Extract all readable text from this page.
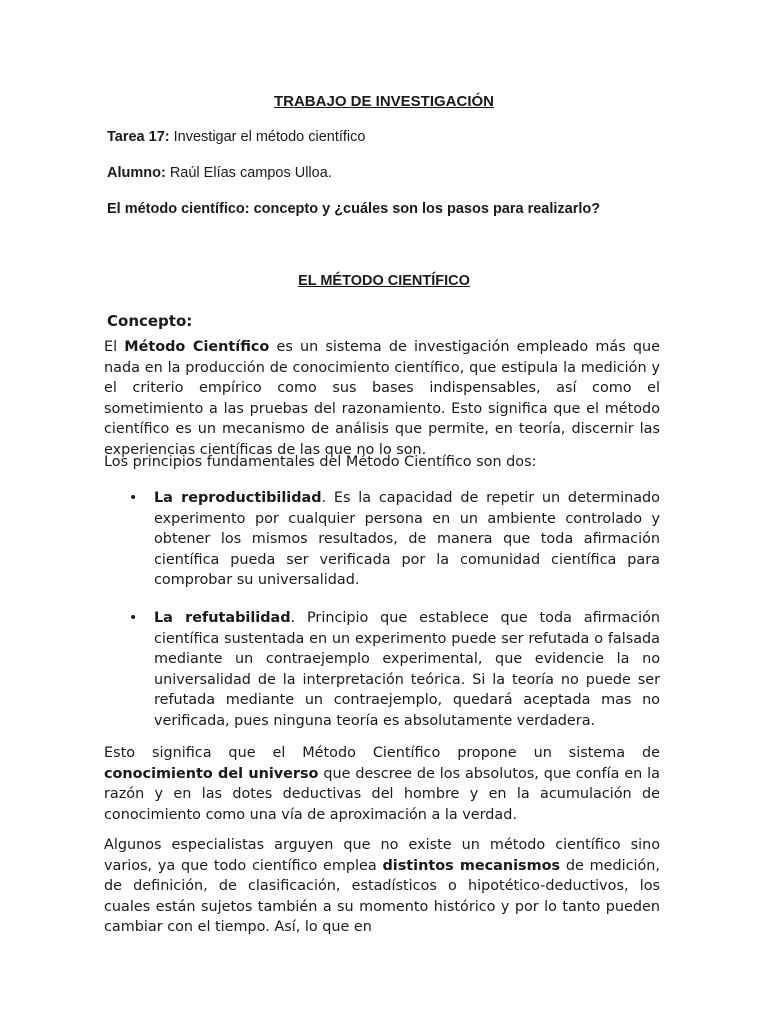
TRABAJO DE INVESTIGACIÓN
Tarea 17: Investigar el método científico
Alumno: Raúl Elías campos Ulloa.
El método científico: concepto y ¿cuáles son los pasos para realizarlo?
EL MÉTODO CIENTÍFICO
Concepto:

El Método Científico es un sistema de investigación empleado más que nada en la producción de conocimiento científico, que estipula la medición y el criterio empírico como sus bases indispensables, así como el sometimiento a las pruebas del razonamiento. Esto significa que el método científico es un mecanismo de análisis que permite, en teoría, discernir las experiencias científicas de las que no lo son.

Los principios fundamentales del Método Científico son dos:

• La reproductibilidad. Es la capacidad de repetir un determinado experimento por cualquier persona en un ambiente controlado y obtener los mismos resultados, de manera que toda afirmación científica pueda ser verificada por la comunidad científica para comprobar su universalidad.
• La refutabilidad. Principio que establece que toda afirmación científica sustentada en un experimento puede ser refutada o falsada mediante un contraejemplo experimental, que evidencie la no universalidad de la interpretación teórica. Si la teoría no puede ser refutada mediante un contraejemplo, quedará aceptada mas no verificada, pues ninguna teoría es absolutamente verdadera.

Esto significa que el Método Científico propone un sistema de conocimiento del universo que descree de los absolutos, que confía en la razón y en las dotes deductivas del hombre y en la acumulación de conocimiento como una vía de aproximación a la verdad.

Algunos especialistas arguyen que no existe un método científico sino varios, ya que todo científico emplea distintos mecanismos de medición, de definición, de clasificación, estadísticos o hipotético-deductivos, los cuales están sujetos también a su momento histórico y por lo tanto pueden cambiar con el tiempo. Así, lo que en
